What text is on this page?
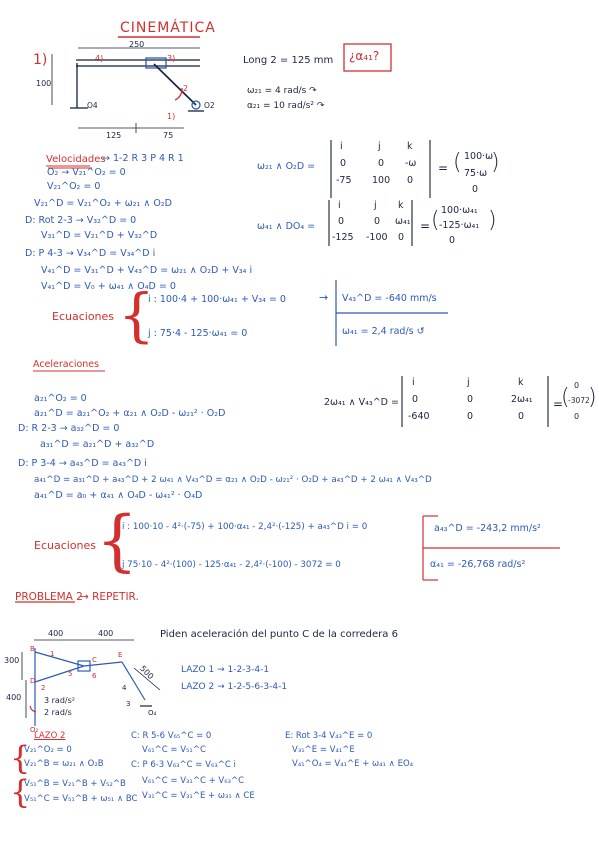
CINEMÁTICA
1)
250
100
125	75
4)	3)
2
1)
O4	O2
Long 2 = 125 mm
ω₂₁ = 4 rad/s ↷
α₂₁ = 10 rad/s² ↷
¿α₄₁?
Velocidades
→ 1-2 R 3 P 4 R 1
O₂ → V₂₁^O₂ = 0
V₂₁^O₂ = 0
V₂₁^D = V₂₁^O₂ + ω₂₁ ∧ O₂D
D: Rot 2-3 → V₃₂^D = 0
V₃₁^D = V₂₁^D + V₃₂^D
D: P 4-3 → V₃₄^D = V₃₄^D i
V₄₁^D = V₃₁^D + V₄₃^D = ω₂₁ ∧ O₂D + V₃₄ i
V₄₁^D = V₀ + ω₄₁ ∧ O₄D = 0
ω₂₁ ∧ O₂D =
i	j	k
0	0 -ω
-75 100 0
= ( 100·ω
75·ω
0
)
ω₄₁ ∧ DO₄ =
i	j k
0	0 ω₄₁
-125 -100 0
= ( 100·ω₄₁
-125·ω₄₁
0
)
Ecuaciones {
i : 100·4 + 100·ω₄₁ + V₃₄ = 0
j : 75·4 - 125·ω₄₁ = 0
→ V₄₃^D = -640 mm/s
ω₄₁ = 2,4 rad/s ↺
Aceleraciones
a₂₁^O₂ = 0
a₂₁^D = a₂₁^O₂ + α₂₁ ∧ O₂D - ω₂₁² · O₂D
D: R 2-3 → a₃₂^D = 0
a₃₁^D = a₂₁^D + a₃₂^D
D: P 3-4 → a₄₃^D = a₄₃^D i
a₄₁^D = a₃₁^D + a₄₃^D + 2 ω₄₁ ∧ V₄₃^D = α₂₁ ∧ O₂D - ω₂₁² · O₂D + a₄₃^D + 2 ω₄₁ ∧ V₄₃^D
a₄₁^D = a₀ + α₄₁ ∧ O₄D - ω₄₁² · O₄D
2ω₄₁ ∧ V₄₃^D =
i	j	k
0	0	2ω₄₁
-640	0	0
=
( 0
-3072
0
)
Ecuaciones {
i : 100·10 - 4²·(-75) + 100·α₄₁ - 2,4²·(-125) + a₄₃^D i = 0
j 75·10 - 4²·(100) - 125·α₄₁ - 2,4²·(-100) - 3072 = 0
a₄₃^D = -243,2 mm/s²
α₄₁ = -26,768 rad/s²
PROBLEMA 2
→ REPETIR.
Piden aceleración del punto C de la corredera 6
LAZO 1 → 1-2-3-4-1
LAZO 2 → 1-2-5-6-3-4-1
400	400
300
400
500
3 rad/s²
2 rad/s
B
C
E
D
O₂
O₄
1
2
3
4
5	6
LAZO 2
{
V₂₁^O₂ = 0
V₂₁^B = ω₂₁ ∧ O₂B
{
V₅₁^B = V₂₁^B + V₅₂^B
V₅₁^C = V₅₁^B + ω₅₁ ∧ BC
C: R 5-6 V₆₅^C = 0
V₆₁^C = V₅₁^C
C: P 6-3 V₆₃^C = V₆₃^C i
V₆₁^C = V₃₁^C + V₆₃^C
V₃₁^C = V₃₁^E + ω₃₁ ∧ CE
E: Rot 3-4 V₄₃^E = 0
V₃₁^E = V₄₁^E
V₄₁^O₄ = V₄₁^E + ω₄₁ ∧ EO₄
